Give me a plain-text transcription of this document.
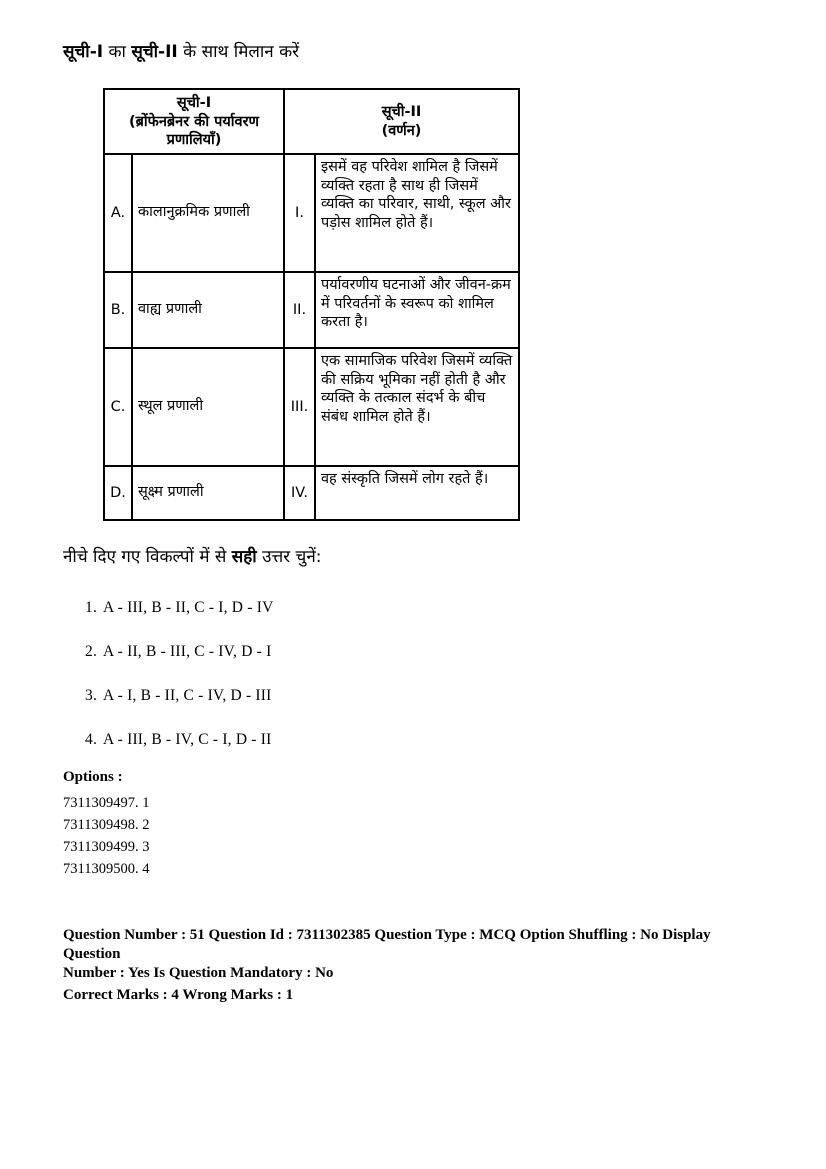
सूची-I का सूची-II के साथ मिलान करें
सूची-I
(ब्रोंफेनब्रेनर की पर्यावरण प्रणालियाँ)		सूची-II
(वर्णन)	

A.	कालानुक्रमिक प्रणाली	I.	इसमें वह परिवेश शामिल है जिसमें व्यक्ति रहता है साथ ही जिसमें व्यक्ति का परिवार, साथी, स्कूल और पड़ोस शामिल होते हैं।
B.	वाह्य प्रणाली	II.	पर्यावरणीय घटनाओं और जीवन-क्रम में परिवर्तनों के स्वरूप को शामिल करता है।
C.	स्थूल प्रणाली	III.	एक सामाजिक परिवेश जिसमें व्यक्ति की सक्रिय भूमिका नहीं होती है और व्यक्ति के तत्काल संदर्भ के बीच संबंध शामिल होते हैं।
D.	सूक्ष्म प्रणाली	IV.	वह संस्कृति जिसमें लोग रहते हैं।
नीचे दिए गए विकल्पों में से सही उत्तर चुनें:
1. A - III, B - II, C - I, D - IV
2. A - II, B - III, C - IV, D - I
3. A - I, B - II, C - IV, D - III
4. A - III, B - IV, C - I, D - II
Options :
7311309497. 1
7311309498. 2
7311309499. 3
7311309500. 4
Question Number : 51 Question Id : 7311302385 Question Type : MCQ Option Shuffling : No Display Question
Number : Yes Is Question Mandatory : No
Correct Marks : 4 Wrong Marks : 1
